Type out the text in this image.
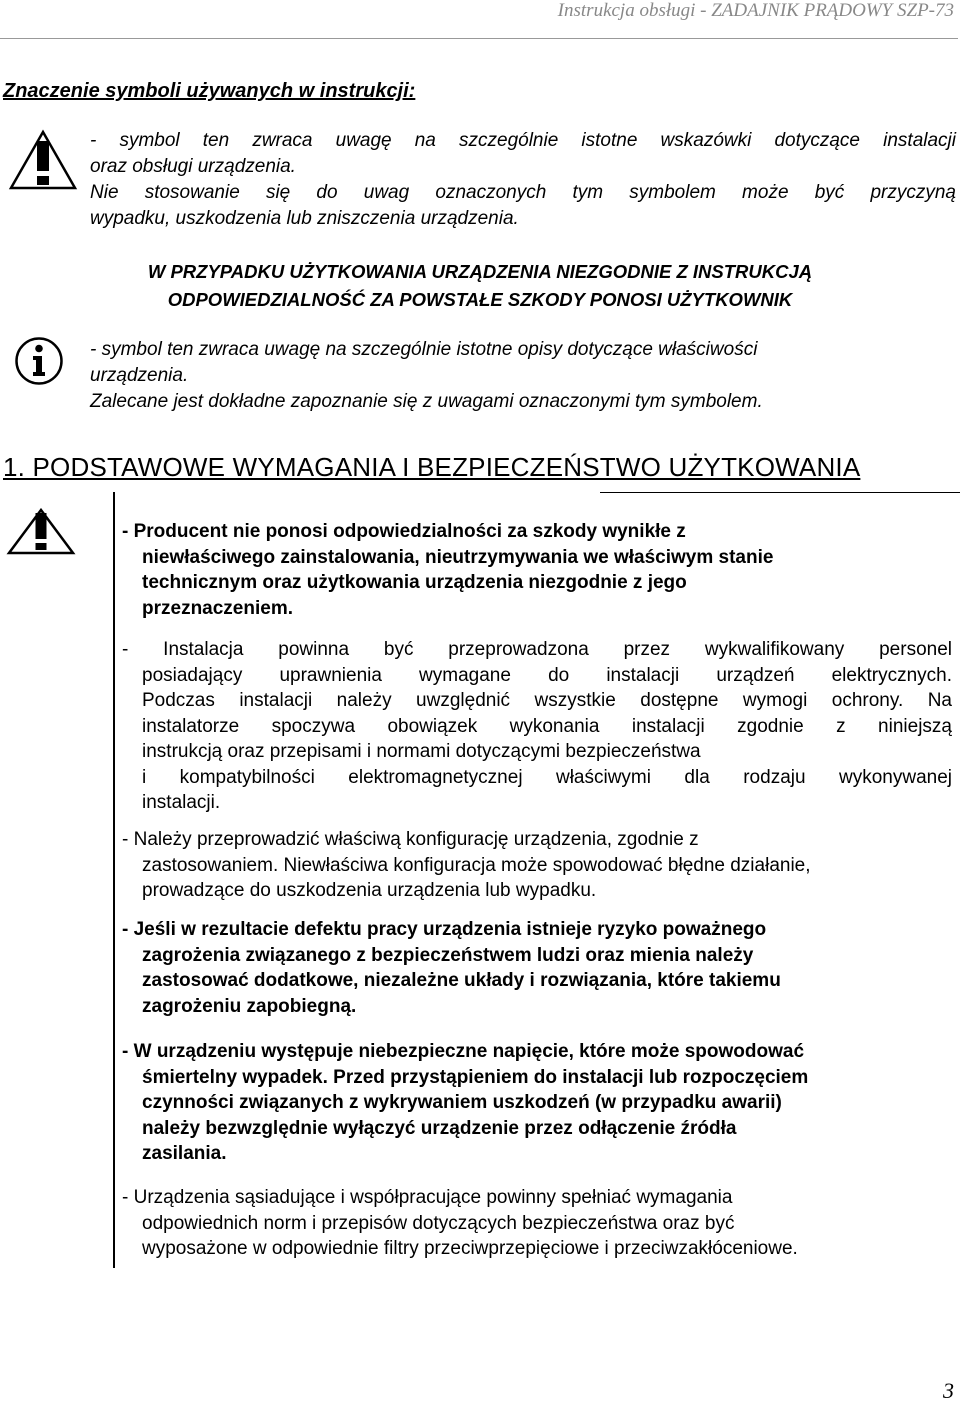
Instrukcja obsługi - ZADAJNIK PRĄDOWY SZP-73
Znaczenie symboli używanych w instrukcji:
- symbol ten zwraca uwagę na szczególnie istotne wskazówki dotyczące instalacji
oraz obsługi urządzenia.
Nie stosowanie się do uwag oznaczonych tym symbolem może być przyczyną
wypadku, uszkodzenia lub zniszczenia urządzenia.
W PRZYPADKU UŻYTKOWANIA URZĄDZENIA NIEZGODNIE Z INSTRUKCJĄ
ODPOWIEDZIALNOŚĆ ZA POWSTAŁE SZKODY PONOSI UŻYTKOWNIK
- symbol ten zwraca uwagę na szczególnie istotne opisy dotyczące właściwości
urządzenia.
Zalecane jest dokładne zapoznanie się z uwagami oznaczonymi tym symbolem.
1. PODSTAWOWE WYMAGANIA I BEZPIECZEŃSTWO UŻYTKOWANIA
- Producent nie ponosi odpowiedzialności za szkody wynikłe z
niewłaściwego zainstalowania, nieutrzymywania we właściwym stanie
technicznym oraz użytkowania urządzenia niezgodnie z jego
przeznaczeniem.
- Instalacja powinna być przeprowadzona przez wykwalifikowany personel
posiadający uprawnienia wymagane do instalacji urządzeń elektrycznych.
Podczas instalacji należy uwzględnić wszystkie dostępne wymogi ochrony. Na
instalatorze spoczywa obowiązek wykonania instalacji zgodnie z niniejszą
instrukcją oraz przepisami i normami dotyczącymi bezpieczeństwa
i kompatybilności elektromagnetycznej właściwymi dla rodzaju wykonywanej
instalacji.
- Należy przeprowadzić właściwą konfigurację urządzenia, zgodnie z
zastosowaniem. Niewłaściwa konfiguracja może spowodować błędne działanie,
prowadzące do uszkodzenia urządzenia lub wypadku.
- Jeśli w rezultacie defektu pracy urządzenia istnieje ryzyko poważnego
zagrożenia związanego z bezpieczeństwem ludzi oraz mienia należy
zastosować dodatkowe, niezależne układy i rozwiązania, które takiemu
zagrożeniu zapobiegną.
- W urządzeniu występuje niebezpieczne napięcie, które może spowodować
śmiertelny wypadek. Przed przystąpieniem do instalacji lub rozpoczęciem
czynności związanych z wykrywaniem uszkodzeń (w przypadku awarii)
należy bezwzględnie wyłączyć urządzenie przez odłączenie źródła
zasilania.
- Urządzenia sąsiadujące i współpracujące powinny spełniać wymagania
odpowiednich norm i przepisów dotyczących bezpieczeństwa oraz być
wyposażone w odpowiednie filtry przeciwprzepięciowe i przeciwzakłóceniowe.
3
